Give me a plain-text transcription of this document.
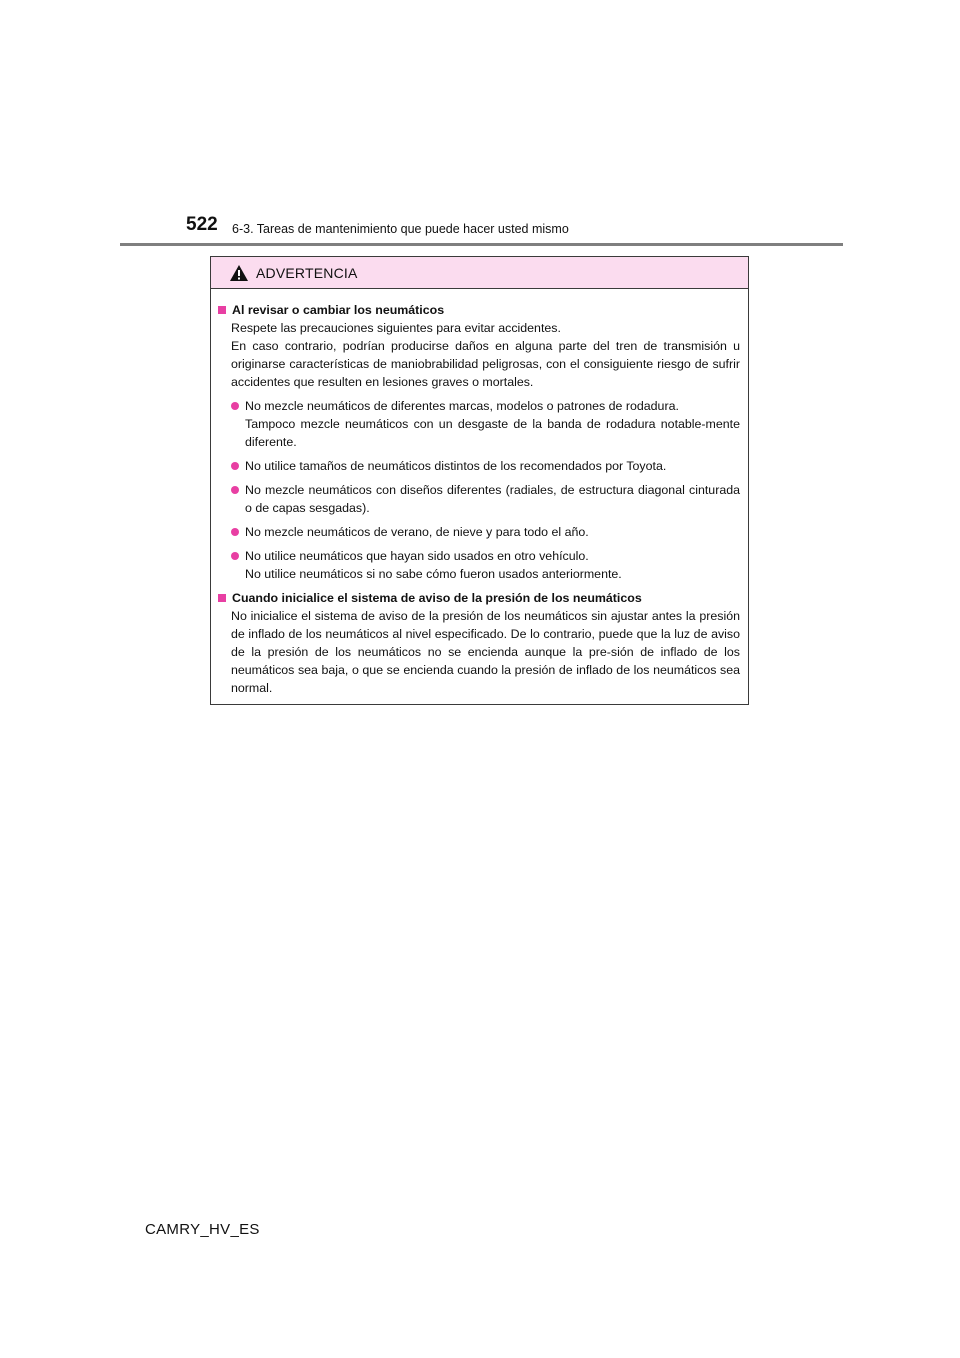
522 6-3. Tareas de mantenimiento que puede hacer usted mismo
ADVERTENCIA
Al revisar o cambiar los neumáticos

Respete las precauciones siguientes para evitar accidentes.

En caso contrario, podrían producirse daños en alguna parte del tren de transmisión u originarse características de maniobrabilidad peligrosas, con el consiguiente riesgo de sufrir accidentes que resulten en lesiones graves o mortales.

No mezcle neumáticos de diferentes marcas, modelos o patrones de rodadura.

Tampoco mezcle neumáticos con un desgaste de la banda de rodadura notable-mente diferente.

No utilice tamaños de neumáticos distintos de los recomendados por Toyota.

No mezcle neumáticos con diseños diferentes (radiales, de estructura diagonal cinturada o de capas sesgadas).

No mezcle neumáticos de verano, de nieve y para todo el año.

No utilice neumáticos que hayan sido usados en otro vehículo.

No utilice neumáticos si no sabe cómo fueron usados anteriormente.

Cuando inicialice el sistema de aviso de la presión de los neumáticos

No inicialice el sistema de aviso de la presión de los neumáticos sin ajustar antes la presión de inflado de los neumáticos al nivel especificado. De lo contrario, puede que la luz de aviso de la presión de los neumáticos no se encienda aunque la pre-sión de inflado de los neumáticos sea baja, o que se encienda cuando la presión de inflado de los neumáticos sea normal.

CAMRY_HV_ES
